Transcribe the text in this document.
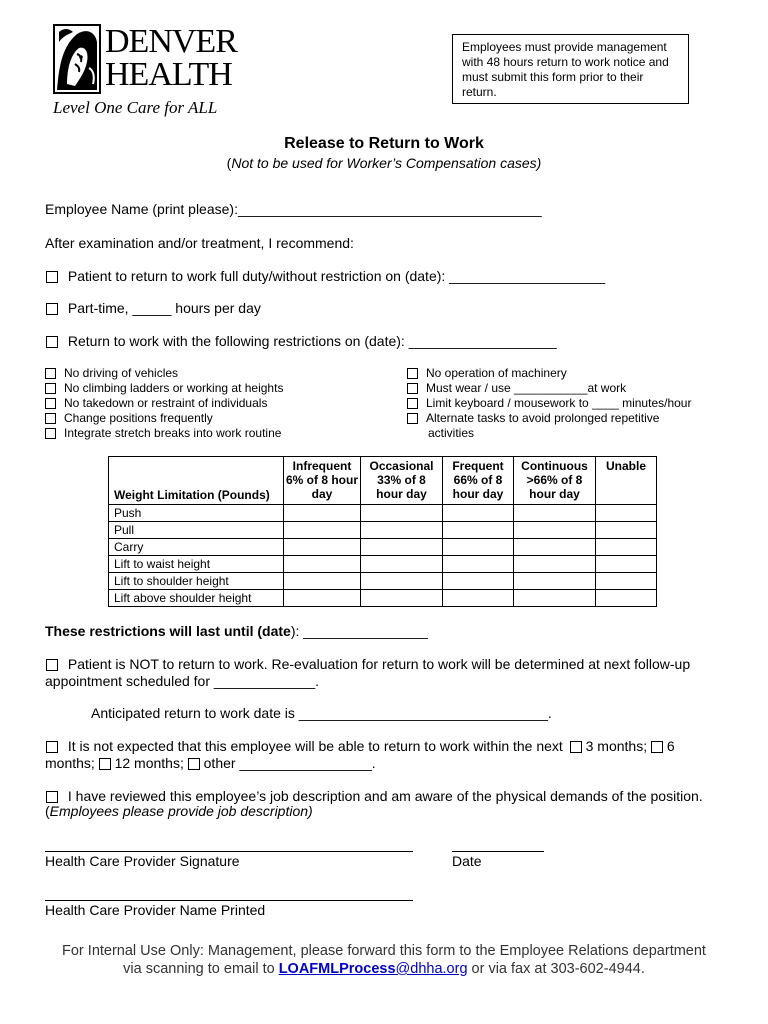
DENVER
HEALTH
Level One Care for ALL
Employees must provide management with 48 hours return to work notice and must submit this form prior to their return.
Release to Return to Work
(Not to be used for Worker’s Compensation cases)
Employee Name (print please):_______________________________________
After examination and/or treatment, I recommend:
Patient to return to work full duty/without restriction on (date): ____________________
Part-time, _____ hours per day
Return to work with the following restrictions on (date): ___________________
No driving of vehicles
No climbing ladders or working at heights
No takedown or restraint of individuals
Change positions frequently
Integrate stretch breaks into work routine
No operation of machinery
Must wear / use ___________at work
Limit keyboard / mousework to ____ minutes/hour
Alternate tasks to avoid prolonged repetitive
activities
Weight Limitation (Pounds)	Infrequent 6% of 8 hour day	Occasional 33% of 8 hour day	Frequent 66% of 8 hour day	Continuous >66% of 8 hour day	Unable
Push					
Pull					
Carry					
Lift to waist height					
Lift to shoulder height					
Lift above shoulder height					
These restrictions will last until (date): ________________
Patient is NOT to return to work. Re-evaluation for return to work will be determined at next follow-up
appointment scheduled for _____________.
Anticipated return to work date is ________________________________.
It is not expected that this employee will be able to return to work within the next 3 months; 6
months; 12 months; other _________________.
I have reviewed this employee’s job description and am aware of the physical demands of the position.
(Employees please provide job description)
Health Care Provider Signature	Date
Health Care Provider Name Printed
For Internal Use Only: Management, please forward this form to the Employee Relations department
via scanning to email to LOAFMLProcess@dhha.org or via fax at 303-602-4944.
